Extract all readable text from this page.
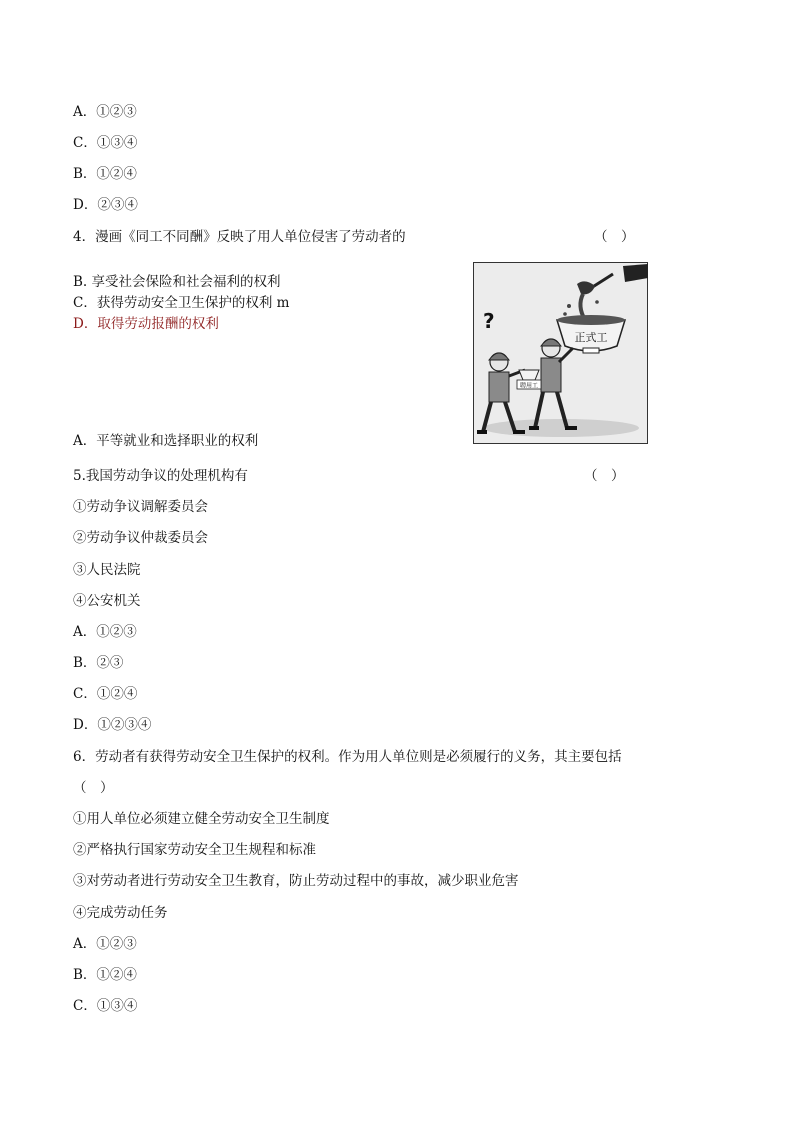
A．①②③
C．①③④
B．①②④
D．②③④
4．漫画《同工不同酬》反映了用人单位侵害了劳动者的	（　）
B. 享受社会保险和社会福利的权利
C．获得劳动安全卫生保护的权利 m
D．取得劳动报酬的权利
A．平等就业和选择职业的权利
正式工
?
聘用工
5.我国劳动争议的处理机构有	（　）
①劳动争议调解委员会
②劳动争议仲裁委员会
③人民法院
④公安机关
A．①②③
B．②③
C．①②④
D．①②③④
6．劳动者有获得劳动安全卫生保护的权利。作为用人单位则是必须履行的义务，其主要包括
（　）
①用人单位必须建立健全劳动安全卫生制度
②严格执行国家劳动安全卫生规程和标准
③对劳动者进行劳动安全卫生教育，防止劳动过程中的事故，减少职业危害
④完成劳动任务
A．①②③
B．①②④
C．①③④
